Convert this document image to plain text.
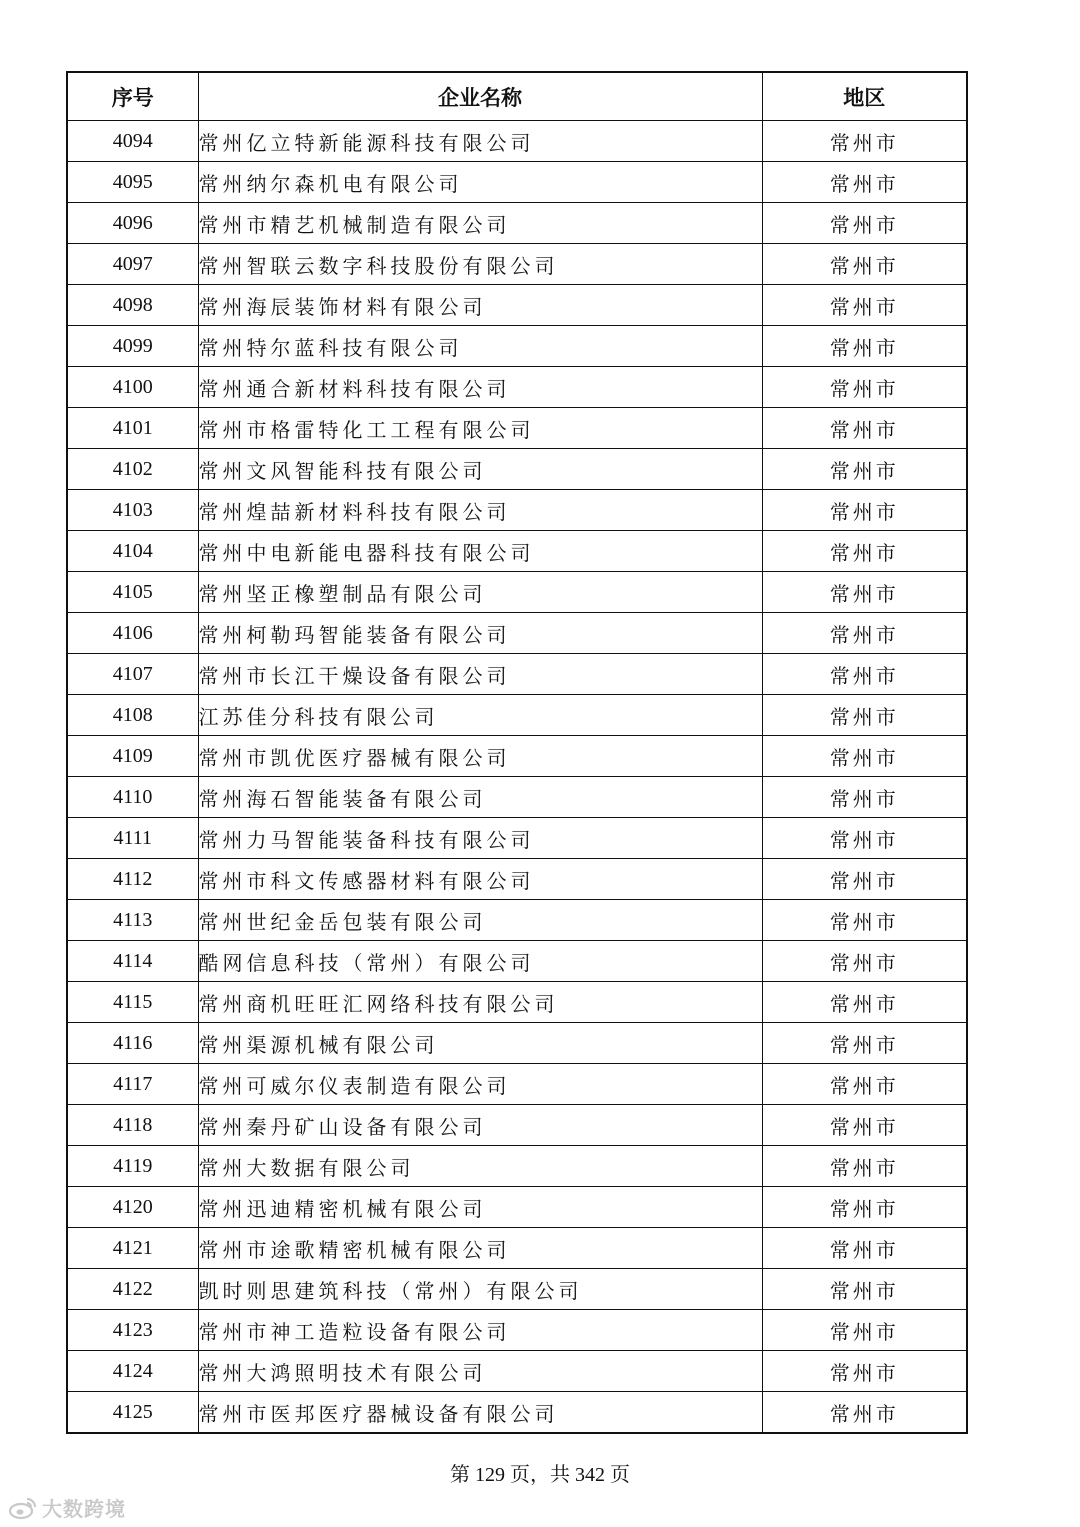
序号	企业名称	地区
4094	常州亿立特新能源科技有限公司	常州市
4095	常州纳尔森机电有限公司	常州市
4096	常州市精艺机械制造有限公司	常州市
4097	常州智联云数字科技股份有限公司	常州市
4098	常州海辰装饰材料有限公司	常州市
4099	常州特尔蓝科技有限公司	常州市
4100	常州通合新材料科技有限公司	常州市
4101	常州市格雷特化工工程有限公司	常州市
4102	常州文风智能科技有限公司	常州市
4103	常州煌喆新材料科技有限公司	常州市
4104	常州中电新能电器科技有限公司	常州市
4105	常州坚正橡塑制品有限公司	常州市
4106	常州柯勒玛智能装备有限公司	常州市
4107	常州市长江干燥设备有限公司	常州市
4108	江苏佳分科技有限公司	常州市
4109	常州市凯优医疗器械有限公司	常州市
4110	常州海石智能装备有限公司	常州市
4111	常州力马智能装备科技有限公司	常州市
4112	常州市科文传感器材料有限公司	常州市
4113	常州世纪金岳包装有限公司	常州市
4114	酷网信息科技（常州）有限公司	常州市
4115	常州商机旺旺汇网络科技有限公司	常州市
4116	常州渠源机械有限公司	常州市
4117	常州可威尔仪表制造有限公司	常州市
4118	常州秦丹矿山设备有限公司	常州市
4119	常州大数据有限公司	常州市
4120	常州迅迪精密机械有限公司	常州市
4121	常州市途歌精密机械有限公司	常州市
4122	凯时则思建筑科技（常州）有限公司	常州市
4123	常州市神工造粒设备有限公司	常州市
4124	常州大鸿照明技术有限公司	常州市
4125	常州市医邦医疗器械设备有限公司	常州市
第 129 页，共 342 页
大数跨境
